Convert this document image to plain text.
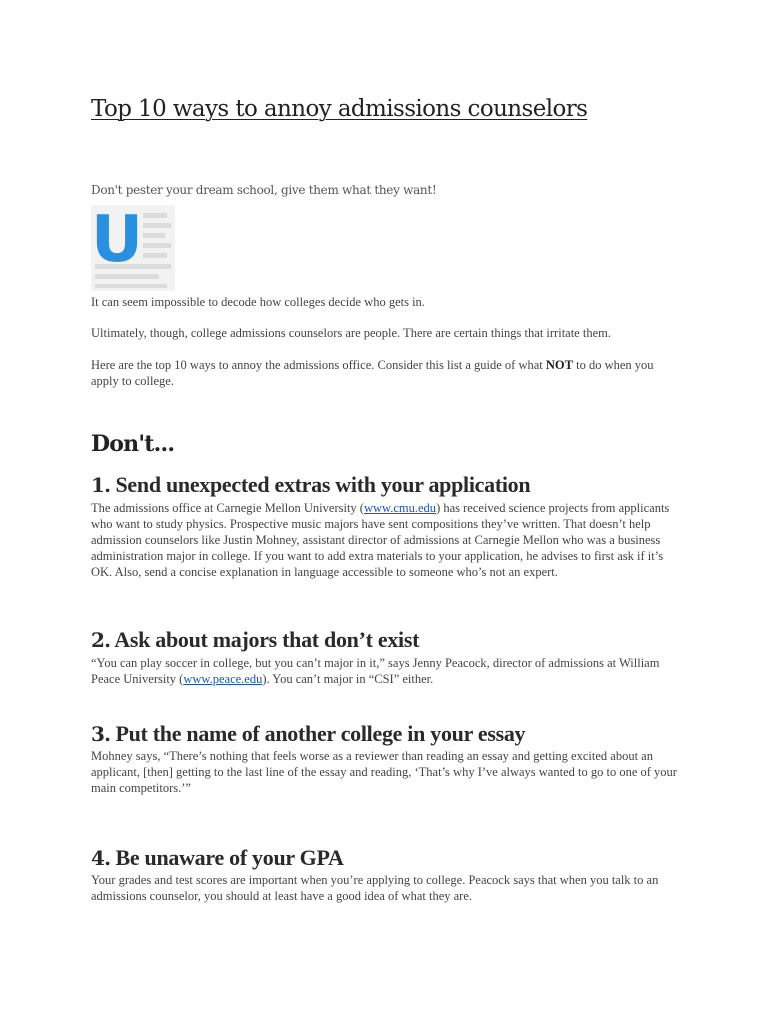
Top 10 ways to annoy admissions counselors

Don't pester your dream school, give them what they want!

U

It can seem impossible to decode how colleges decide who gets in.

Ultimately, though, college admissions counselors are people. There are certain things that irritate them.

Here are the top 10 ways to annoy the admissions office. Consider this list a guide of what NOT to do when you apply to college.

Don't...
1. Send unexpected extras with your application

The admissions office at Carnegie Mellon University (www.cmu.edu) has received science projects from applicants who want to study physics. Prospective music majors have sent compositions they’ve written. That doesn’t help admission counselors like Justin Mohney, assistant director of admissions at Carnegie Mellon who was a business administration major in college. If you want to add extra materials to your application, he advises to first ask if it’s OK. Also, send a concise explanation in language accessible to someone who’s not an expert.

2. Ask about majors that don’t exist

“You can play soccer in college, but you can’t major in it,” says Jenny Peacock, director of admissions at William Peace University (www.peace.edu). You can’t major in “CSI” either.

3. Put the name of another college in your essay

Mohney says, “There’s nothing that feels worse as a reviewer than reading an essay and getting excited about an applicant, [then] getting to the last line of the essay and reading, ‘That’s why I’ve always wanted to go to one of your main competitors.’”

4. Be unaware of your GPA

Your grades and test scores are important when you’re applying to college. Peacock says that when you talk to an admissions counselor, you should at least have a good idea of what they are.
